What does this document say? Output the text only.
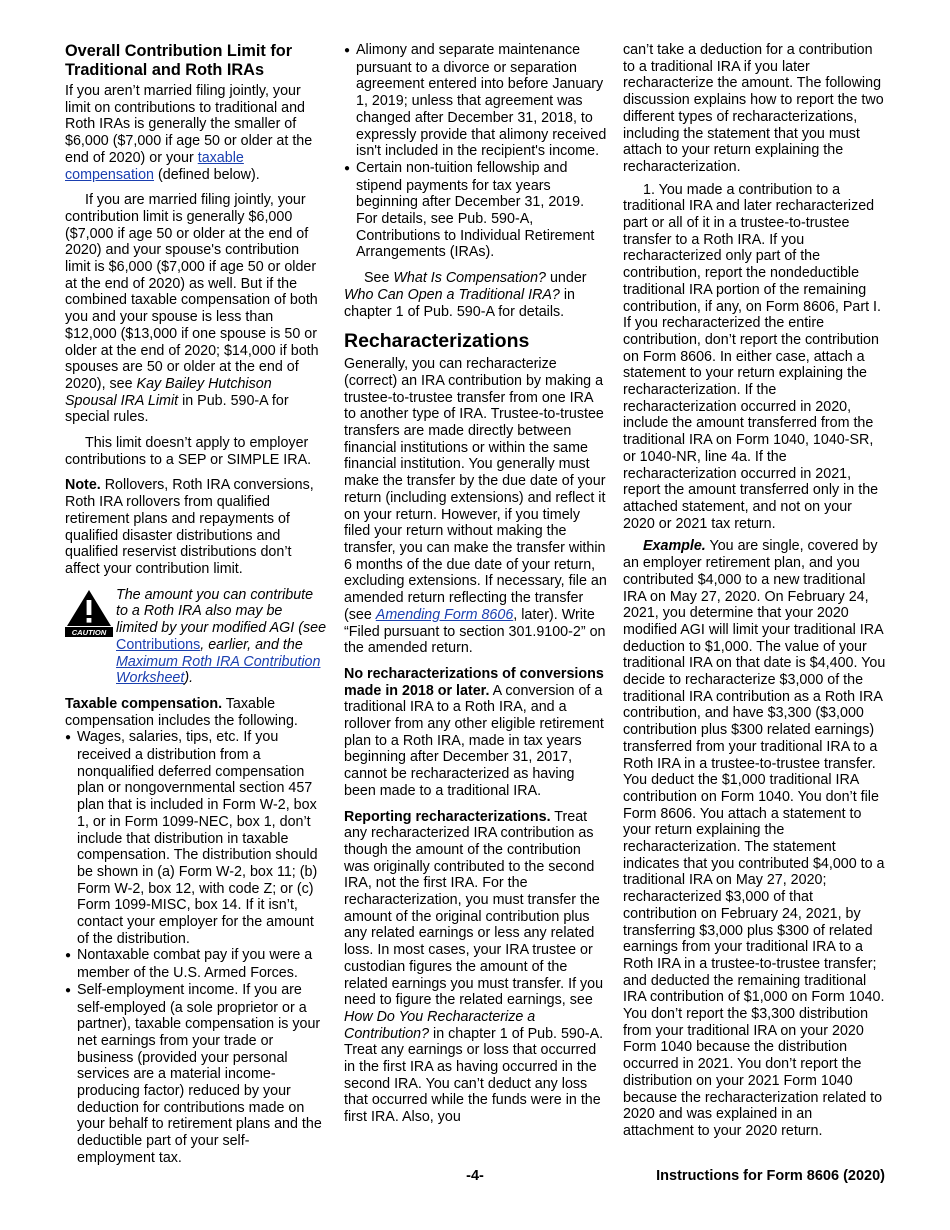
Overall Contribution Limit for Traditional and Roth IRAs

If you aren’t married filing jointly, your limit on contributions to traditional and Roth IRAs is generally the smaller of $6,000 ($7,000 if age 50 or older at the end of 2020) or your taxable compensation (defined below).

If you are married filing jointly, your contribution limit is generally $6,000 ($7,000 if age 50 or older at the end of 2020) and your spouse's contribution limit is $6,000 ($7,000 if age 50 or older at the end of 2020) as well. But if the combined taxable compensation of both you and your spouse is less than $12,000 ($13,000 if one spouse is 50 or older at the end of 2020; $14,000 if both spouses are 50 or older at the end of 2020), see Kay Bailey Hutchison Spousal IRA Limit in Pub. 590-A for special rules.

This limit doesn’t apply to employer contributions to a SEP or SIMPLE IRA.

Note. Rollovers, Roth IRA conversions, Roth IRA rollovers from qualified retirement plans and repayments of qualified disaster distributions and qualified reservist distributions don’t affect your contribution limit.

CAUTION
The amount you can contribute to a Roth IRA also may be limited by your modified AGI (see Contributions, earlier, and the Maximum Roth IRA Contribution Worksheet).

Taxable compensation. Taxable compensation includes the following.

● Wages, salaries, tips, etc. If you received a distribution from a nonqualified deferred compensation plan or nongovernmental section 457 plan that is included in Form W-2, box 1, or in Form 1099-NEC, box 1, don’t include that distribution in taxable compensation. The distribution should be shown in (a) Form W-2, box 11; (b) Form W-2, box 12, with code Z; or (c) Form 1099-MISC, box 14. If it isn’t, contact your employer for the amount of the distribution.

● Nontaxable combat pay if you were a member of the U.S. Armed Forces.

● Self-employment income. If you are self-employed (a sole proprietor or a partner), taxable compensation is your net earnings from your trade or business (provided your personal services are a material income-producing factor) reduced by your deduction for contributions made on your behalf to retirement plans and the deductible part of your self-employment tax.

● Alimony and separate maintenance pursuant to a divorce or separation agreement entered into before January 1, 2019; unless that agreement was changed after December 31, 2018, to expressly provide that alimony received isn't included in the recipient's income.

● Certain non-tuition fellowship and stipend payments for tax years beginning after December 31, 2019. For details, see Pub. 590-A, Contributions to Individual Retirement Arrangements (IRAs).

See What Is Compensation? under Who Can Open a Traditional IRA? in chapter 1 of Pub. 590-A for details.

Recharacterizations

Generally, you can recharacterize (correct) an IRA contribution by making a trustee-to-trustee transfer from one IRA to another type of IRA. Trustee-to-trustee transfers are made directly between financial institutions or within the same financial institution. You generally must make the transfer by the due date of your return (including extensions) and reflect it on your return. However, if you timely filed your return without making the transfer, you can make the transfer within 6 months of the due date of your return, excluding extensions. If necessary, file an amended return reflecting the transfer (see Amending Form 8606, later). Write “Filed pursuant to section 301.9100-2” on the amended return.

No recharacterizations of conversions made in 2018 or later. A conversion of a traditional IRA to a Roth IRA, and a rollover from any other eligible retirement plan to a Roth IRA, made in tax years beginning after December 31, 2017, cannot be recharacterized as having been made to a traditional IRA.

Reporting recharacterizations. Treat any recharacterized IRA contribution as though the amount of the contribution was originally contributed to the second IRA, not the first IRA. For the recharacterization, you must transfer the amount of the original contribution plus any related earnings or less any related loss. In most cases, your IRA trustee or custodian figures the amount of the related earnings you must transfer. If you need to figure the related earnings, see How Do You Recharacterize a Contribution? in chapter 1 of Pub. 590-A. Treat any earnings or loss that occurred in the first IRA as having occurred in the second IRA. You can’t deduct any loss that occurred while the funds were in the first IRA. Also, you

can’t take a deduction for a contribution to a traditional IRA if you later recharacterize the amount. The following discussion explains how to report the two different types of recharacterizations, including the statement that you must attach to your return explaining the recharacterization.

1. You made a contribution to a traditional IRA and later recharacterized part or all of it in a trustee-to-trustee transfer to a Roth IRA. If you recharacterized only part of the contribution, report the nondeductible traditional IRA portion of the remaining contribution, if any, on Form 8606, Part I. If you recharacterized the entire contribution, don’t report the contribution on Form 8606. In either case, attach a statement to your return explaining the recharacterization. If the recharacterization occurred in 2020, include the amount transferred from the traditional IRA on Form 1040, 1040-SR, or 1040-NR, line 4a. If the recharacterization occurred in 2021, report the amount transferred only in the attached statement, and not on your 2020 or 2021 tax return.

Example. You are single, covered by an employer retirement plan, and you contributed $4,000 to a new traditional IRA on May 27, 2020. On February 24, 2021, you determine that your 2020 modified AGI will limit your traditional IRA deduction to $1,000. The value of your traditional IRA on that date is $4,400. You decide to recharacterize $3,000 of the traditional IRA contribution as a Roth IRA contribution, and have $3,300 ($3,000 contribution plus $300 related earnings) transferred from your traditional IRA to a Roth IRA in a trustee-to-trustee transfer. You deduct the $1,000 traditional IRA contribution on Form 1040. You don’t file Form 8606. You attach a statement to your return explaining the recharacterization. The statement indicates that you contributed $4,000 to a traditional IRA on May 27, 2020; recharacterized $3,000 of that contribution on February 24, 2021, by transferring $3,000 plus $300 of related earnings from your traditional IRA to a Roth IRA in a trustee-to-trustee transfer; and deducted the remaining traditional IRA contribution of $1,000 on Form 1040. You don’t report the $3,300 distribution from your traditional IRA on your 2020 Form 1040 because the distribution occurred in 2021. You don’t report the distribution on your 2021 Form 1040 because the recharacterization related to 2020 and was explained in an attachment to your 2020 return.

-4-	Instructions for Form 8606 (2020)
